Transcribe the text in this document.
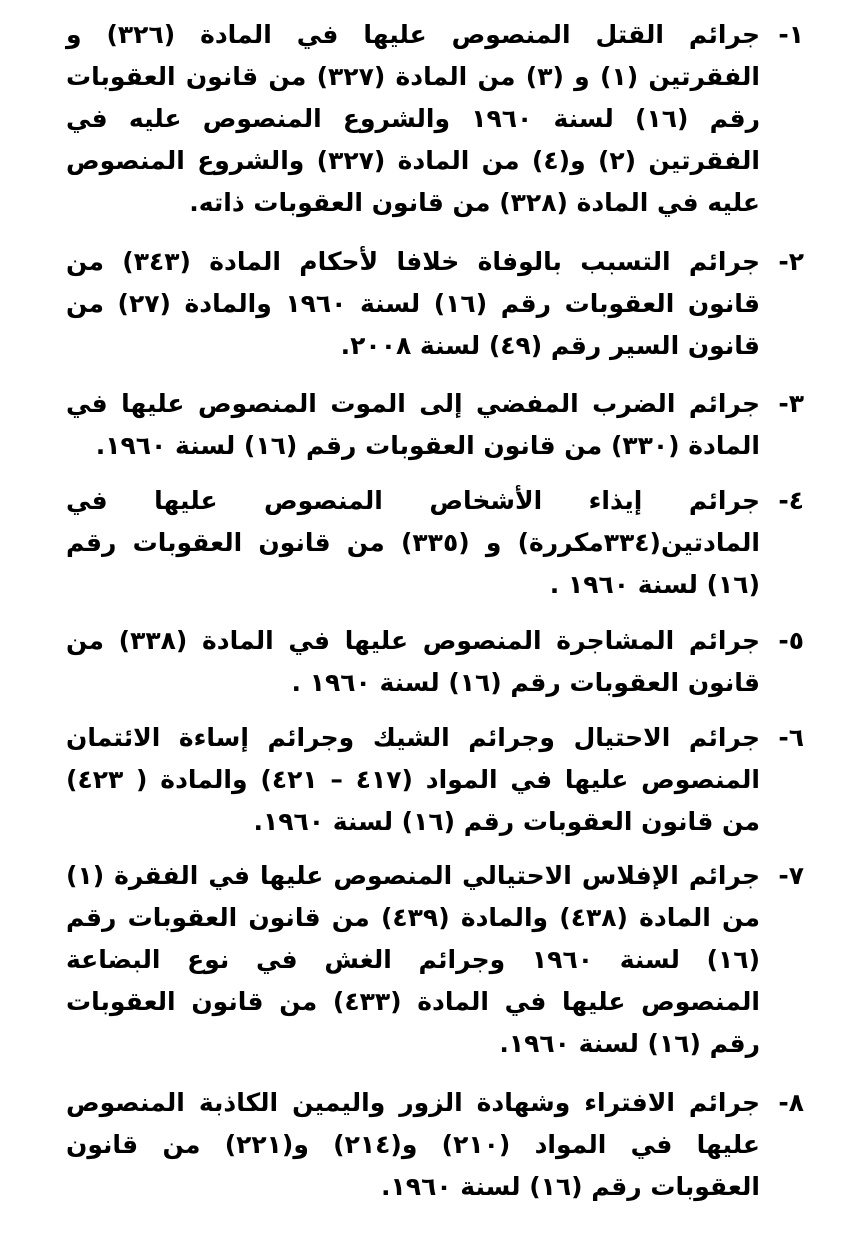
١-
جرائم القتل المنصوص عليها في المادة (٣٢٦) و الفقرتين (١) و (٣) من المادة (٣٢٧) من قانون العقوبات رقم (١٦) لسنة ١٩٦٠ والشروع المنصوص عليه في الفقرتين (٢) و(٤) من المادة (٣٢٧) والشروع المنصوص عليه في المادة (٣٢٨) من قانون العقوبات ذاته.
٢-
جرائم التسبب بالوفاة خلافا لأحكام المادة (٣٤٣) من قانون العقوبات رقم (١٦) لسنة ١٩٦٠ والمادة (٢٧) من قانون السير رقم (٤٩) لسنة ٢٠٠٨.
٣-
جرائم الضرب المفضي إلى الموت المنصوص عليها في المادة (٣٣٠) من قانون العقوبات رقم (١٦) لسنة ١٩٦٠.
٤-
جرائم إيذاء الأشخاص المنصوص عليها في المادتين(٣٣٤مكررة) و (٣٣٥) من قانون العقوبات رقم (١٦) لسنة ١٩٦٠ .
٥-
جرائم المشاجرة المنصوص عليها في المادة (٣٣٨) من قانون العقوبات رقم (١٦) لسنة ١٩٦٠ .
٦-
جرائم الاحتيال وجرائم الشيك وجرائم إساءة الائتمان المنصوص عليها في المواد (٤١٧ – ٤٢١) والمادة ( ٤٢٣) من قانون العقوبات رقم (١٦) لسنة ١٩٦٠.
٧-
جرائم الإفلاس الاحتيالي المنصوص عليها في الفقرة (١) من المادة (٤٣٨) والمادة (٤٣٩) من قانون العقوبات رقم (١٦) لسنة ١٩٦٠ وجرائم الغش في نوع البضاعة المنصوص عليها في المادة (٤٣٣) من قانون العقوبات رقم (١٦) لسنة ١٩٦٠.
٨-
جرائم الافتراء وشهادة الزور واليمين الكاذبة المنصوص عليها في المواد (٢١٠) و(٢١٤) و(٢٢١) من قانون العقوبات رقم (١٦) لسنة ١٩٦٠.
